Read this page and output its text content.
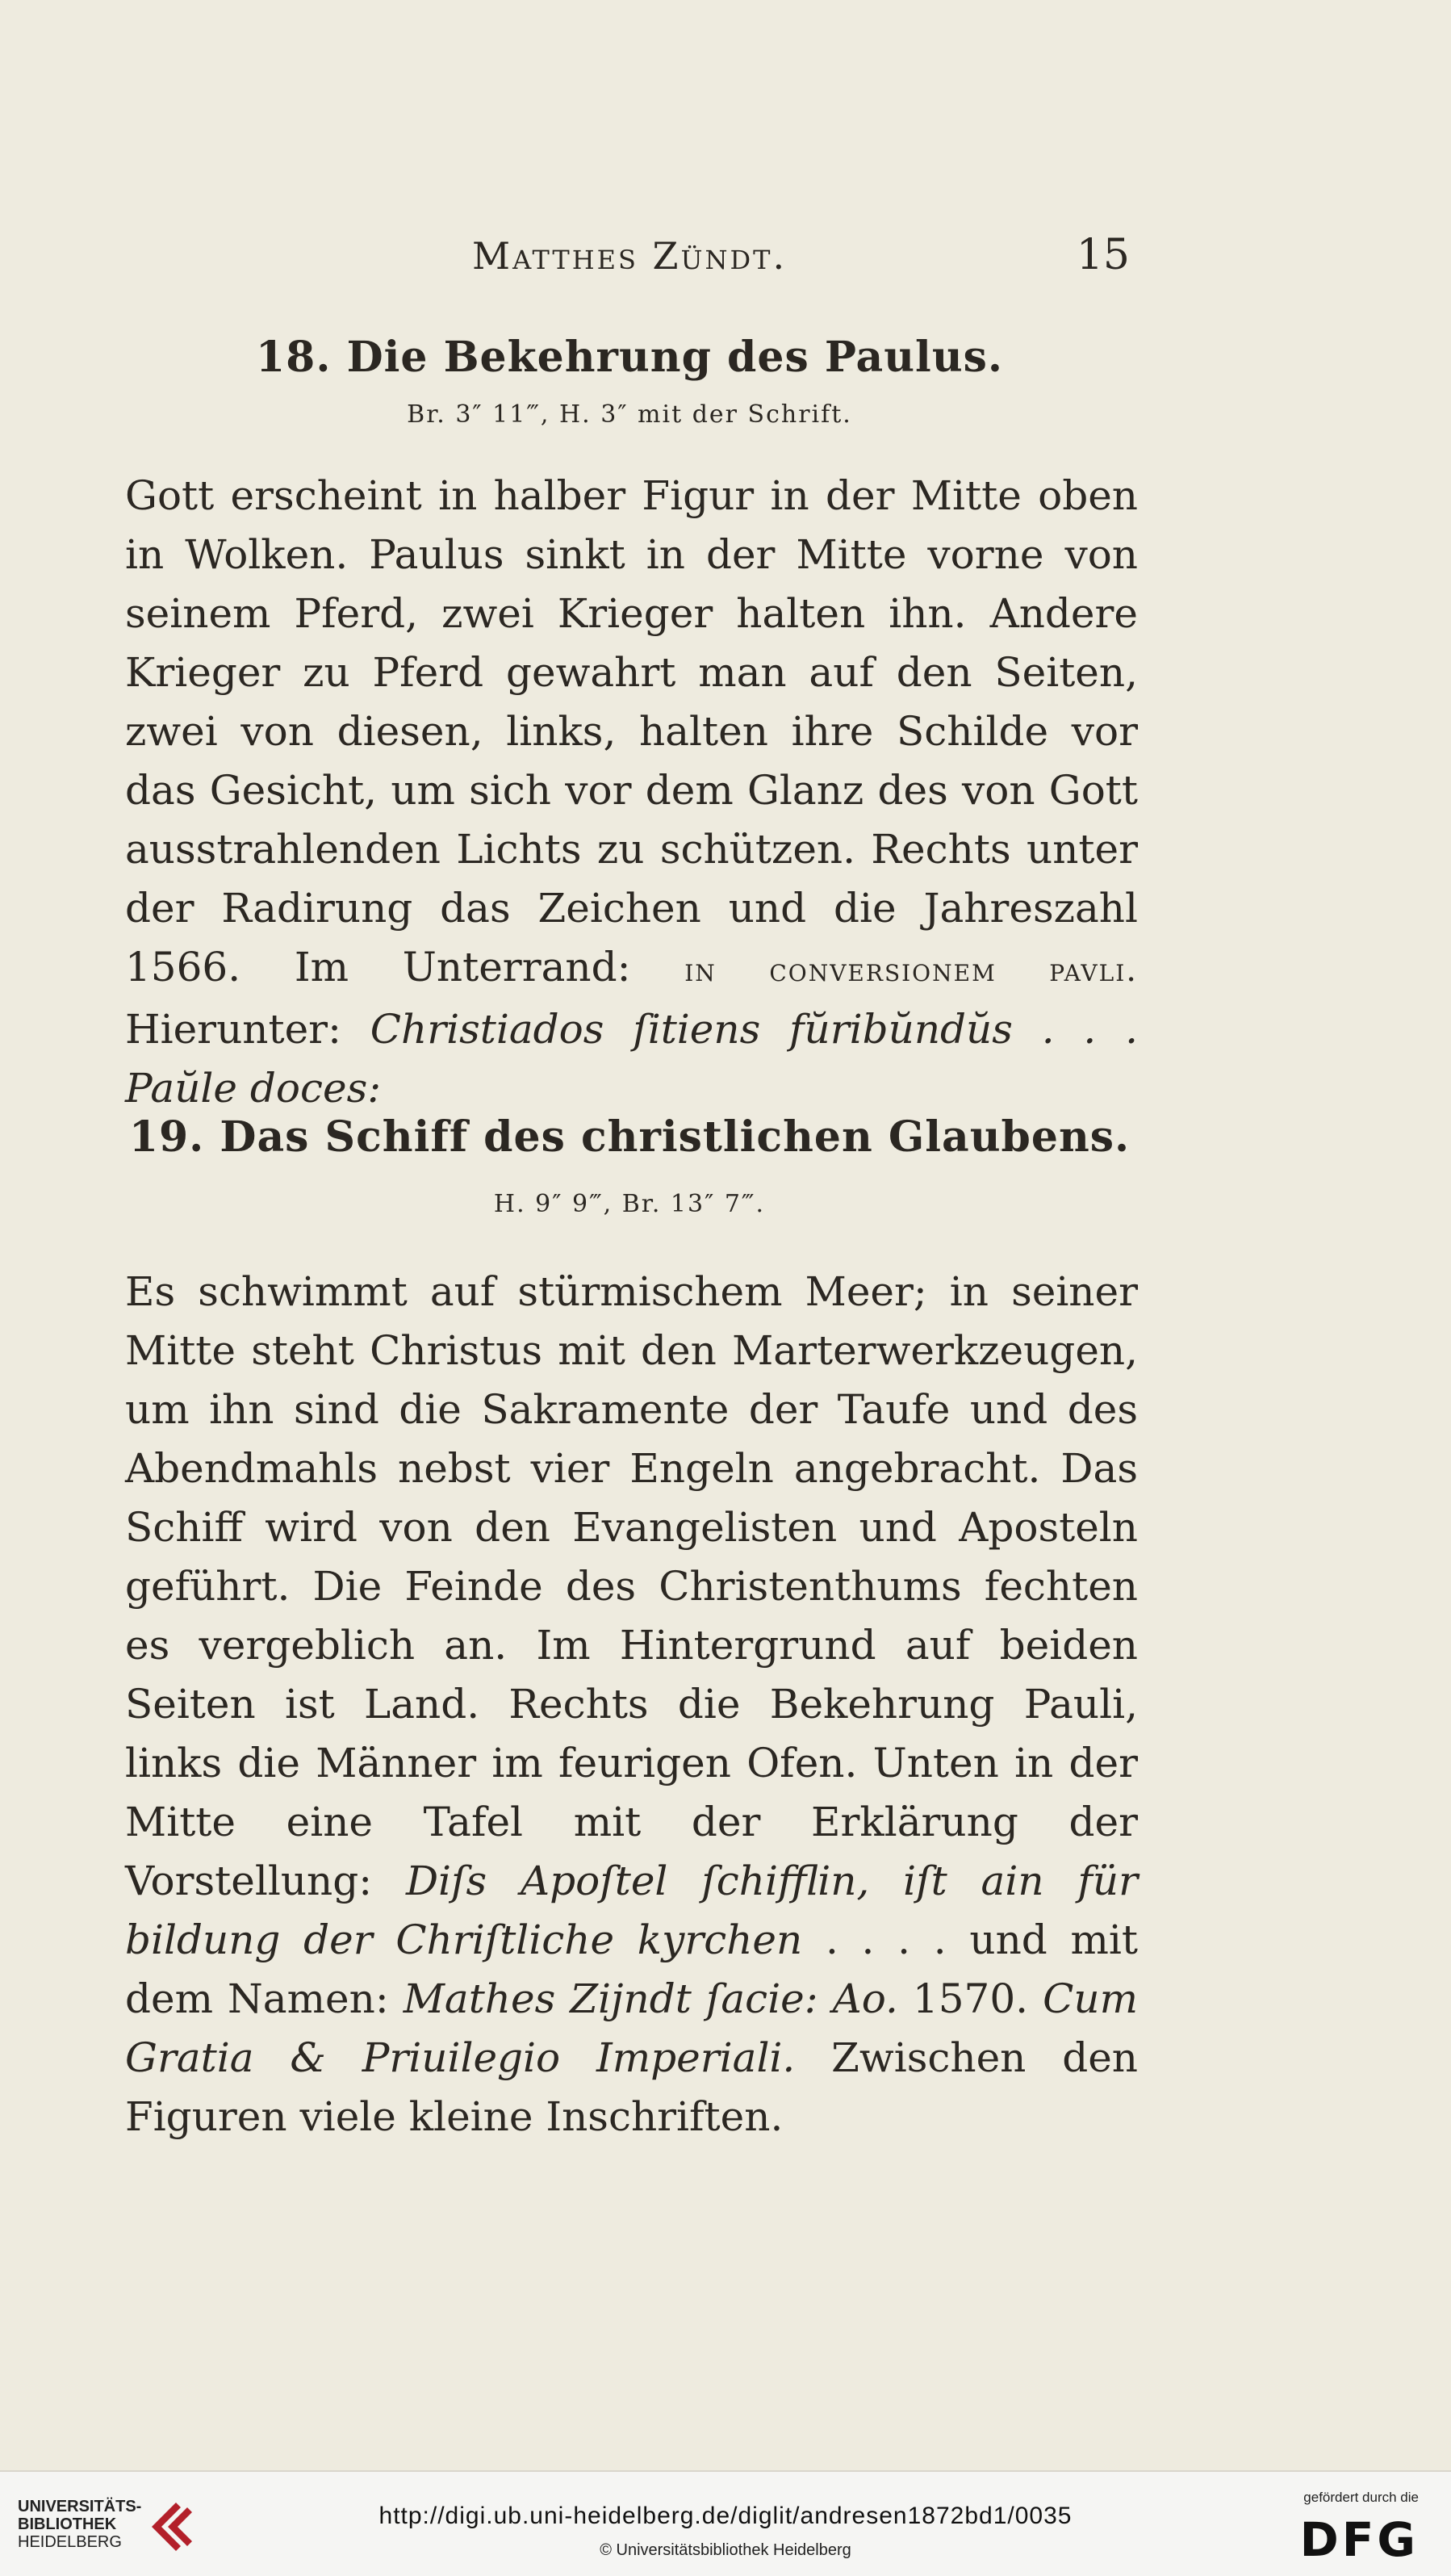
Matthes Zündt.	15
18. Die Bekehrung des Paulus.
Br. 3″ 11‴, H. 3″ mit der Schrift.

Gott erscheint in halber Figur in der Mitte oben in Wolken. Paulus sinkt in der Mitte vorne von seinem Pferd, zwei Krieger halten ihn. Andere Krieger zu Pferd gewahrt man auf den Seiten, zwei von diesen, links, halten ihre Schilde vor das Gesicht, um sich vor dem Glanz des von Gott ausstrahlenden Lichts zu schützen. Rechts unter der Radirung das Zeichen und die Jahreszahl 1566. Im Unterrand: in conversionem pavli. Hierunter: Christiados ſitiens fŭribŭndŭs . . . Paŭle doces:

19. Das Schiff des christlichen Glaubens.
H. 9″ 9‴, Br. 13″ 7‴.

Es schwimmt auf stürmischem Meer; in seiner Mitte steht Christus mit den Marterwerkzeugen, um ihn sind die Sakramente der Taufe und des Abendmahls nebst vier Engeln angebracht. Das Schiff wird von den Evangelisten und Aposteln geführt. Die Feinde des Christenthums fechten es vergeblich an. Im Hintergrund auf beiden Seiten ist Land. Rechts die Bekehrung Pauli, links die Männer im feurigen Ofen. Unten in der Mitte eine Tafel mit der Erklärung der Vorstellung: Diſs Apoſtel ſchifflin, iſt ain für bildung der Chriſtliche kyrchen . . . . und mit dem Namen: Mathes Zijndt ſacie: Ao. 1570. Cum Gratia & Priuilegio Imperiali. Zwischen den Figuren viele kleine Inschriften.

UNIVERSITÄTS-
BIBLIOTHEK
HEIDELBERG
http://digi.ub.uni-heidelberg.de/diglit/andresen1872bd1/0035
© Universitätsbibliothek Heidelberg
gefördert durch die
DFG
